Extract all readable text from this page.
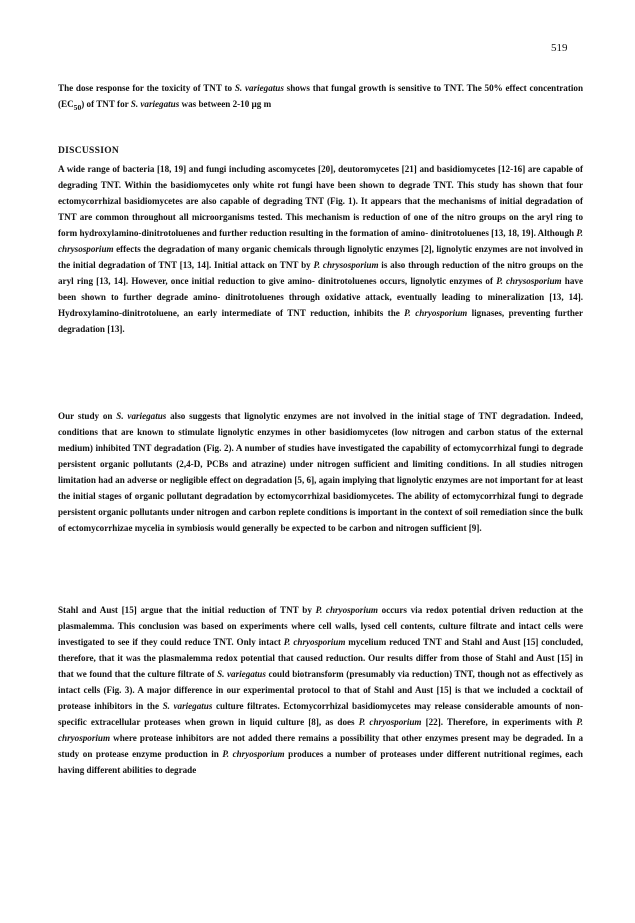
519

The dose response for the toxicity of TNT to S. variegatus shows that fungal growth is sensitive to TNT. The 50% effect concentration $(EC_{50})$ of TNT for S. variegatus was between 2-10 µg m

DISCUSSION

A wide range of bacteria [18, 19] and fungi including ascomycetes [20], deutoromycetes [21] and basidiomycetes [12-16] are capable of degrading TNT. Within the basidiomycetes only white rot fungi have been shown to degrade TNT. This study has shown that four ectomycorrhizal basidiomycetes are also capable of degrading TNT (Fig. 1). It appears that the mechanisms of initial degradation of TNT are common throughout all microorganisms tested. This mechanism is reduction of one of the nitro groups on the aryl ring to form hydroxylamino-dinitrotoluenes and further reduction resulting in the formation of amino- dinitrotoluenes [13, 18, 19]. Although P. chrysosporium effects the degradation of many organic chemicals through lignolytic enzymes [2], lignolytic enzymes are not involved in the initial degradation of TNT [13, 14]. Initial attack on TNT by P. chrysosporium is also through reduction of the nitro groups on the aryl ring [13, 14]. However, once initial reduction to give amino- dinitrotoluenes occurs, lignolytic enzymes of P. chrysosporium have been shown to further degrade amino- dinitrotoluenes through oxidative attack, eventually leading to mineralization [13, 14]. Hydroxylamino-dinitrotoluene, an early intermediate of TNT reduction, inhibits the P. chryosporium lignases, preventing further degradation [13].

Our study on S. variegatus also suggests that lignolytic enzymes are not involved in the initial stage of TNT degradation. Indeed, conditions that are known to stimulate lignolytic enzymes in other basidiomycetes (low nitrogen and carbon status of the external medium) inhibited TNT degradation (Fig. 2). A number of studies have investigated the capability of ectomycorrhizal fungi to degrade persistent organic pollutants (2,4-D, PCBs and atrazine) under nitrogen sufficient and limiting conditions. In all studies nitrogen limitation had an adverse or negligible effect on degradation [5, 6], again implying that lignolytic enzymes are not important for at least the initial stages of organic pollutant degradation by ectomycorrhizal basidiomycetes. The ability of ectomycorrhizal fungi to degrade persistent organic pollutants under nitrogen and carbon replete conditions is important in the context of soil remediation since the bulk of ectomycorrhizae mycelia in symbiosis would generally be expected to be carbon and nitrogen sufficient [9].

Stahl and Aust [15] argue that the initial reduction of TNT by P. chryosporium occurs via redox potential driven reduction at the plasmalemma. This conclusion was based on experiments where cell walls, lysed cell contents, culture filtrate and intact cells were investigated to see if they could reduce TNT. Only intact P. chryosporium mycelium reduced TNT and Stahl and Aust [15] concluded, therefore, that it was the plasmalemma redox potential that caused reduction. Our results differ from those of Stahl and Aust [15] in that we found that the culture filtrate of S. variegatus could biotransform (presumably via reduction) TNT, though not as effectively as intact cells (Fig. 3). A major difference in our experimental protocol to that of Stahl and Aust [15] is that we included a cocktail of protease inhibitors in the S. variegatus culture filtrates. Ectomycorrhizal basidiomycetes may release considerable amounts of non-specific extracellular proteases when grown in liquid culture [8], as does P. chryosporium [22]. Therefore, in experiments with P. chryosporium where protease inhibitors are not added there remains a possibility that other enzymes present may be degraded. In a study on protease enzyme production in P. chryosporium produces a number of proteases under different nutritional regimes, each having different abilities to degrade
